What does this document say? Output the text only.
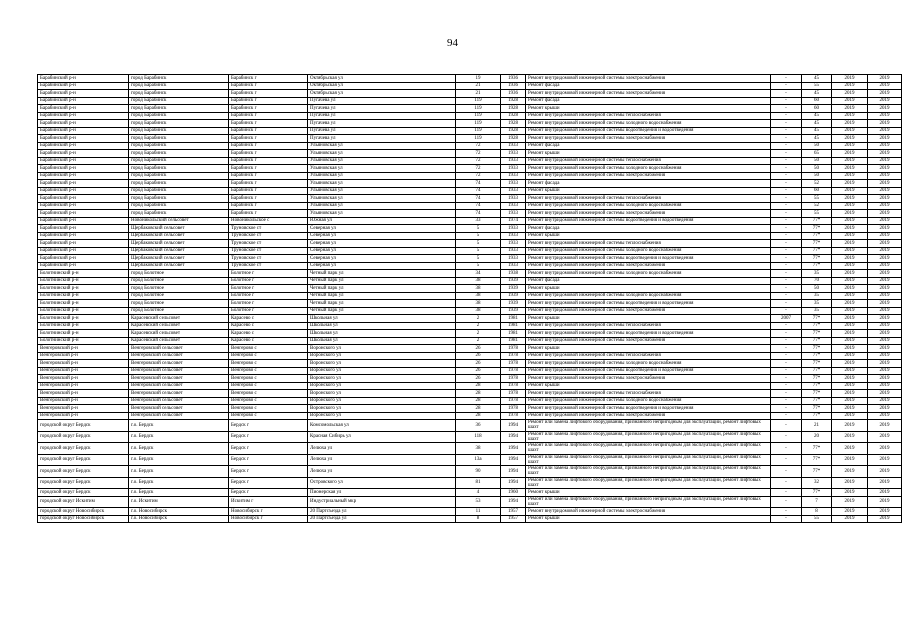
94
Барабинский р-н	город Барабинск	Барабинск г	Октябрьская ул	19	1936	Ремонт внутридомовой инженерной системы электроснабжения	-	45	2019	2019
Барабинский р-н	город Барабинск	Барабинск г	Октябрьская ул	21	1936	Ремонт фасада	-	55	2019	2019
Барабинский р-н	город Барабинск	Барабинск г	Октябрьская ул	21	1936	Ремонт внутридомовой инженерной системы электроснабжения	-	45	2019	2019
Барабинский р-н	город Барабинск	Барабинск г	Пугачева ул	119	1928	Ремонт фасада	-	60	2019	2019
Барабинский р-н	город Барабинск	Барабинск г	Пугачева ул	119	1928	Ремонт крыши	-	60	2019	2019
Барабинский р-н	город Барабинск	Барабинск г	Пугачева ул	119	1928	Ремонт внутридомовой инженерной системы теплоснабжения	-	45	2019	2019
Барабинский р-н	город Барабинск	Барабинск г	Пугачева ул	119	1928	Ремонт внутридомовой инженерной системы холодного водоснабжения	-	45	2019	2019
Барабинский р-н	город Барабинск	Барабинск г	Пугачева ул	119	1928	Ремонт внутридомовой инженерной системы водоотведения и водоотведения	-	45	2019	2019
Барабинский р-н	город Барабинск	Барабинск г	Пугачева ул	119	1928	Ремонт внутридомовой инженерной системы электроснабжения	-	45	2019	2019
Барабинский р-н	город Барабинск	Барабинск г	Ульяновская ул	72	1933	Ремонт фасада	-	50	2019	2019
Барабинский р-н	город Барабинск	Барабинск г	Ульяновская ул	72	1933	Ремонт крыши	-	65	2019	2019
Барабинский р-н	город Барабинск	Барабинск г	Ульяновская ул	72	1933	Ремонт внутридомовой инженерной системы теплоснабжения	-	50	2019	2019
Барабинский р-н	город Барабинск	Барабинск г	Ульяновская ул	72	1933	Ремонт внутридомовой инженерной системы холодного водоснабжения	-	50	2019	2019
Барабинский р-н	город Барабинск	Барабинск г	Ульяновская ул	72	1933	Ремонт внутридомовой инженерной системы электроснабжения	-	50	2019	2019
Барабинский р-н	город Барабинск	Барабинск г	Ульяновская ул	74	1933	Ремонт фасада	-	52	2019	2019
Барабинский р-н	город Барабинск	Барабинск г	Ульяновская ул	74	1933	Ремонт крыши	-	60	2019	2019
Барабинский р-н	город Барабинск	Барабинск г	Ульяновская ул	74	1933	Ремонт внутридомовой инженерной системы теплоснабжения	-	55	2019	2019
Барабинский р-н	город Барабинск	Барабинск г	Ульяновская ул	74	1933	Ремонт внутридомовой инженерной системы холодного водоснабжения	-	52	2019	2019
Барабинский р-н	город Барабинск	Барабинск г	Ульяновская ул	74	1933	Ремонт внутридомовой инженерной системы электроснабжения	-	55	2019	2019
Барабинский р-н	Новоникольский сельсовет	Новоникольское с	Южная ул	33	1974	Ремонт внутридомовой инженерной системы водоотведения и водоотведения	-	77*	2019	2019
Барабинский р-н	Щербаковский сельсовет	Труновское ст	Северная ул	5	1933	Ремонт фасада	-	77*	2019	2019
Барабинский р-н	Щербаковский сельсовет	Труновское ст	Северная ул	5	1933	Ремонт крыши	-	77*	2019	2019
Барабинский р-н	Щербаковский сельсовет	Труновское ст	Северная ул	5	1933	Ремонт внутридомовой инженерной системы теплоснабжения	-	77*	2019	2019
Барабинский р-н	Щербаковский сельсовет	Труновское ст	Северная ул	5	1933	Ремонт внутридомовой инженерной системы холодного водоснабжения	-	77*	2019	2019
Барабинский р-н	Щербаковский сельсовет	Труновское ст	Северная ул	5	1933	Ремонт внутридомовой инженерной системы водоотведения и водоотведения	-	77*	2019	2019
Барабинский р-н	Щербаковский сельсовет	Труновское ст	Северная ул	5	1933	Ремонт внутридомовой инженерной системы электроснабжения	-	77*	2019	2019
Болотнинский р-н	город Болотное	Болотное г	Четный парк ул	34	1938	Ремонт внутридомовой инженерной системы холодного водоснабжения	-	35	2019	2019
Болотнинский р-н	город Болотное	Болотное г	Четный парк ул	38	1939	Ремонт фасада	-	70	2019	2019
Болотнинский р-н	город Болотное	Болотное г	Четный парк ул	38	1939	Ремонт крыши	-	50	2019	2019
Болотнинский р-н	город Болотное	Болотное г	Четный парк ул	38	1939	Ремонт внутридомовой инженерной системы холодного водоснабжения	-	35	2019	2019
Болотнинский р-н	город Болотное	Болотное г	Четный парк ул	38	1939	Ремонт внутридомовой инженерной системы водоотведения и водоотведения	-	35	2019	2019
Болотнинский р-н	город Болотное	Болотное г	Четный парк ул	38	1939	Ремонт внутридомовой инженерной системы электроснабжения	-	35	2019	2019
Болотнинский р-н	Карасевский сельсовет	Карасево с	Школьная ул	2	1981	Ремонт крыши	2007	77*	2019	2019
Болотнинский р-н	Карасевский сельсовет	Карасево с	Школьная ул	2	1981	Ремонт внутридомовой инженерной системы теплоснабжения	-	77*	2019	2019
Болотнинский р-н	Карасевский сельсовет	Карасево с	Школьная ул	2	1981	Ремонт внутридомовой инженерной системы водоотведения и водоотведения	-	77*	2019	2019
Болотнинский р-н	Карасевский сельсовет	Карасево с	Школьная ул	2	1981	Ремонт внутридомовой инженерной системы электроснабжения	-	77*	2019	2019
Венгеровский р-н	Венгеровский сельсовет	Венгерово с	Воронского ул	26	1978	Ремонт крыши	-	77*	2019	2019
Венгеровский р-н	Венгеровский сельсовет	Венгерово с	Воронского ул	26	1978	Ремонт внутридомовой инженерной системы теплоснабжения	-	77*	2019	2019
Венгеровский р-н	Венгеровский сельсовет	Венгерово с	Воронского ул	26	1978	Ремонт внутридомовой инженерной системы холодного водоснабжения	-	77*	2019	2019
Венгеровский р-н	Венгеровский сельсовет	Венгерово с	Воронского ул	26	1978	Ремонт внутридомовой инженерной системы водоотведения и водоотведения	-	77*	2019	2019
Венгеровский р-н	Венгеровский сельсовет	Венгерово с	Воронского ул	26	1978	Ремонт внутридомовой инженерной системы электроснабжения	-	77*	2019	2019
Венгеровский р-н	Венгеровский сельсовет	Венгерово с	Воронского ул	28	1978	Ремонт крыши	-	77*	2019	2019
Венгеровский р-н	Венгеровский сельсовет	Венгерово с	Воронского ул	28	1978	Ремонт внутридомовой инженерной системы теплоснабжения	-	77*	2019	2019
Венгеровский р-н	Венгеровский сельсовет	Венгерово с	Воронского ул	28	1978	Ремонт внутридомовой инженерной системы холодного водоснабжения	-	77*	2019	2019
Венгеровский р-н	Венгеровский сельсовет	Венгерово с	Воронского ул	28	1978	Ремонт внутридомовой инженерной системы водоотведения и водоотведения	-	77*	2019	2019
Венгеровский р-н	Венгеровский сельсовет	Венгерово с	Воронского ул	28	1978	Ремонт внутридомовой инженерной системы электроснабжения	-	77*	2019	2019
городской округ Бердск	г.о. Бердск	Бердск г	Комсомольская ул	36	1994	Ремонт или замена лифтового оборудования, признанного непригодным для эксплуатации, ремонт лифтовых шахт	-	21	2019	2019
городской округ Бердск	г.о. Бердск	Бердск г	Красная Сибирь ул	118	1994	Ремонт или замена лифтового оборудования, признанного непригодным для эксплуатации, ремонт лифтовых шахт	-	20	2019	2019
городской округ Бердск	г.о. Бердск	Бердск г	Лелюха ул	38	1994	Ремонт или замена лифтового оборудования, признанного непригодным для эксплуатации, ремонт лифтовых шахт	-	77*	2019	2019
городской округ Бердск	г.о. Бердск	Бердск г	Лелюха ул	13а	1994	Ремонт или замена лифтового оборудования, признанного непригодным для эксплуатации, ремонт лифтовых шахт	-	77*	2019	2019
городской округ Бердск	г.о. Бердск	Бердск г	Лелюха ул	90	1994	Ремонт или замена лифтового оборудования, признанного непригодным для эксплуатации, ремонт лифтовых шахт	-	77*	2019	2019
городской округ Бердск	г.о. Бердск	Бердск г	Островского ул	81	1994	Ремонт или замена лифтового оборудования, признанного непригодным для эксплуатации, ремонт лифтовых шахт	-	32	2019	2019
городской округ Бердск	г.о. Бердск	Бердск г	Пионерская ул	4	1960	Ремонт крыши	-	77*	2019	2019
городской округ Искитим	г.о. Искитим	Искитим г	Индустриальный мкр	53	1994	Ремонт или замена лифтового оборудования, признанного непригодным для эксплуатации, ремонт лифтовых шахт	-	7	2019	2019
городской округ Новосибирск	г.о. Новосибирск	Новосибирск г	20 Партсъезда ул	11	1957	Ремонт внутридомовой инженерной системы электроснабжения	-	8	2019	2019
городской округ Новосибирск	г.о. Новосибирск	Новосибирск г	20 Партсъезда ул	8	1957	Ремонт крыши	-	55	2019	2019
